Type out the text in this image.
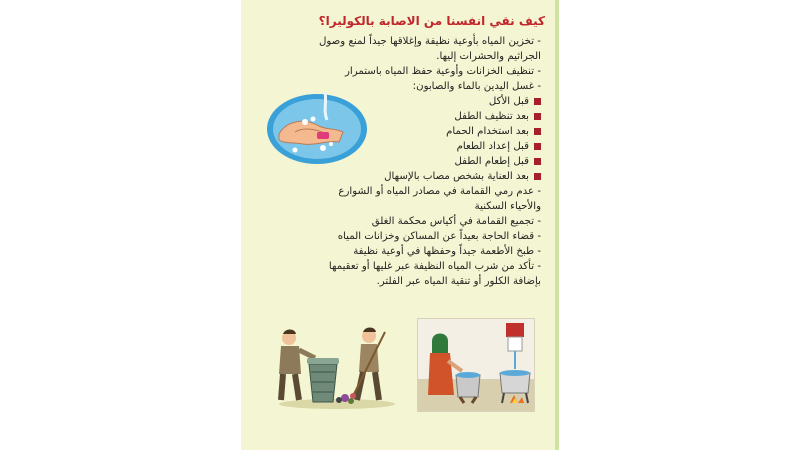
كيف نقي انفسنا من الاصابة بالكوليرا؟

- تخزين المياه بأوعية نظيفة وإغلاقها جيداً لمنع وصول

الجراثيم والحشرات إليها.

- تنظيف الخزانات وأوعية حفظ المياه باستمرار

- غسل اليدين بالماء والصابون:

قبل الأكل
بعد تنظيف الطفل
بعد استخدام الحمام
قبل إعداد الطعام
قبل إطعام الطفل
بعد العناية بشخص مصاب بالإسهال

- عدم رمي القمامة في مصادر المياه أو الشوارع

والأحياء السكنية

- تجميع القمامة في أكياس محكمة الغلق

- قضاء الحاجة بعيداً عن المساكن وخزانات المياه

- طبخ الأطعمة جيداً وحفظها في أوعية نظيفة

- تأكد من شرب المياه النظيفة عبر غليها أو تعقيمها

بإضافة الكلور أو تنقية المياه عبر الفلتر.
